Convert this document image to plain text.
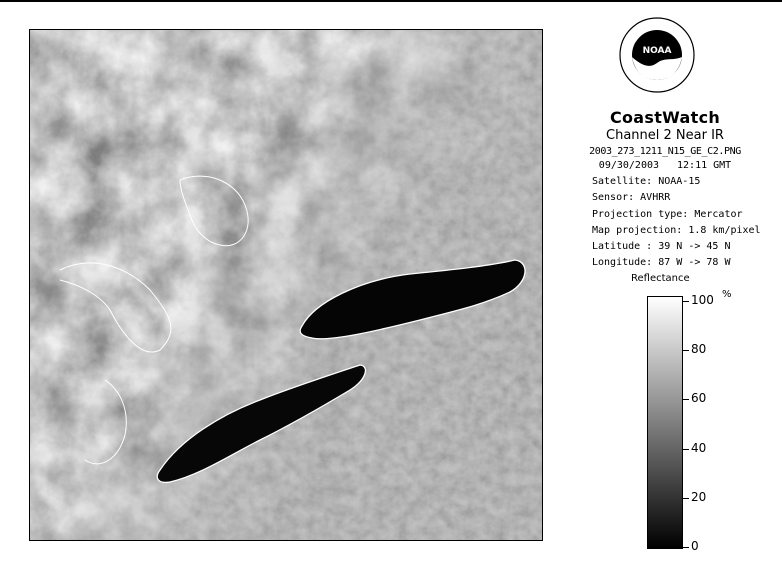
NOAA
CoastWatch
Channel 2 Near IR
2003_273_1211_N15_GE_C2.PNG
09/30/2003 12:11 GMT
Satellite: NOAA-15
Sensor: AVHRR
Projection type: Mercator
Map projection: 1.8 km/pixel
Latitude : 39 N -> 45 N
Longitude: 87 W -> 78 W
Reflectance
%
100
80
60
40
20
0
